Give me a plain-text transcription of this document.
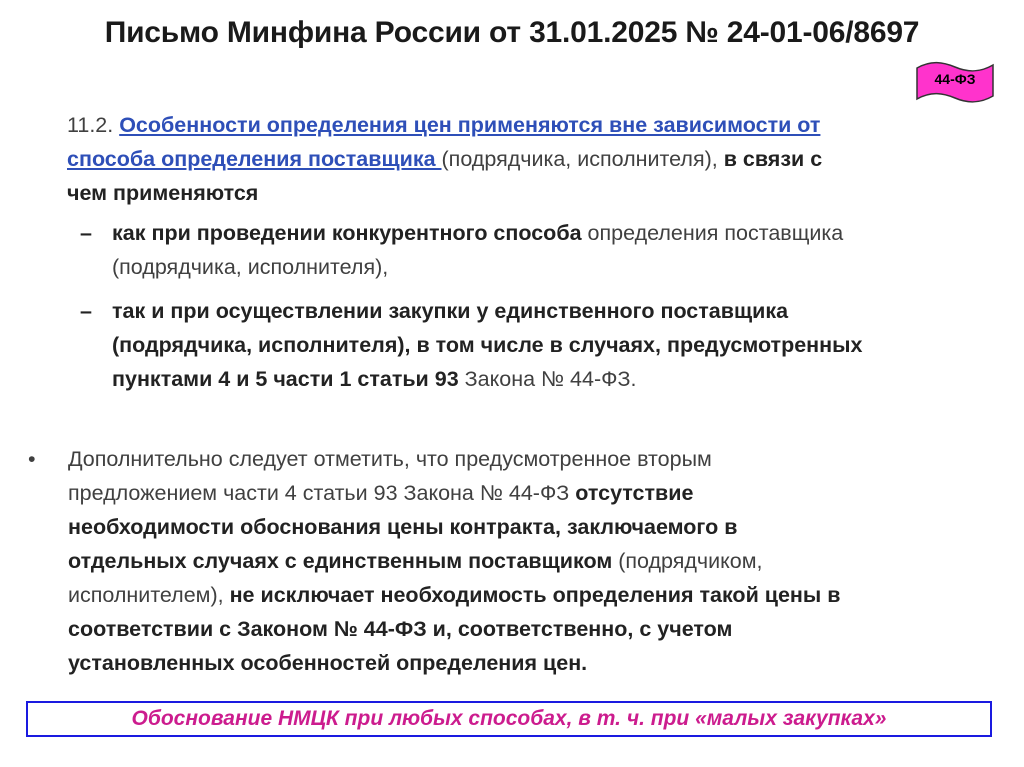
Письмо Минфина России от 31.01.2025 № 24-01-06/8697
44-ФЗ
11.2. Особенности определения цен применяются вне зависимости от
способа определения поставщика (подрядчика, исполнителя), в связи с
чем применяются
– как при проведении конкурентного способа определения поставщика
(подрядчика, исполнителя),
– так и при осуществлении закупки у единственного поставщика
(подрядчика, исполнителя), в том числе в случаях, предусмотренных
пунктами 4 и 5 части 1 статьи 93 Закона № 44-ФЗ.
• Дополнительно следует отметить, что предусмотренное вторым
предложением части 4 статьи 93 Закона № 44-ФЗ отсутствие
необходимости обоснования цены контракта, заключаемого в
отдельных случаях с единственным поставщиком (подрядчиком,
исполнителем), не исключает необходимость определения такой цены в
соответствии с Законом № 44-ФЗ и, соответственно, с учетом
установленных особенностей определения цен.
Обоснование НМЦК при любых способах, в т. ч. при «малых закупках»
